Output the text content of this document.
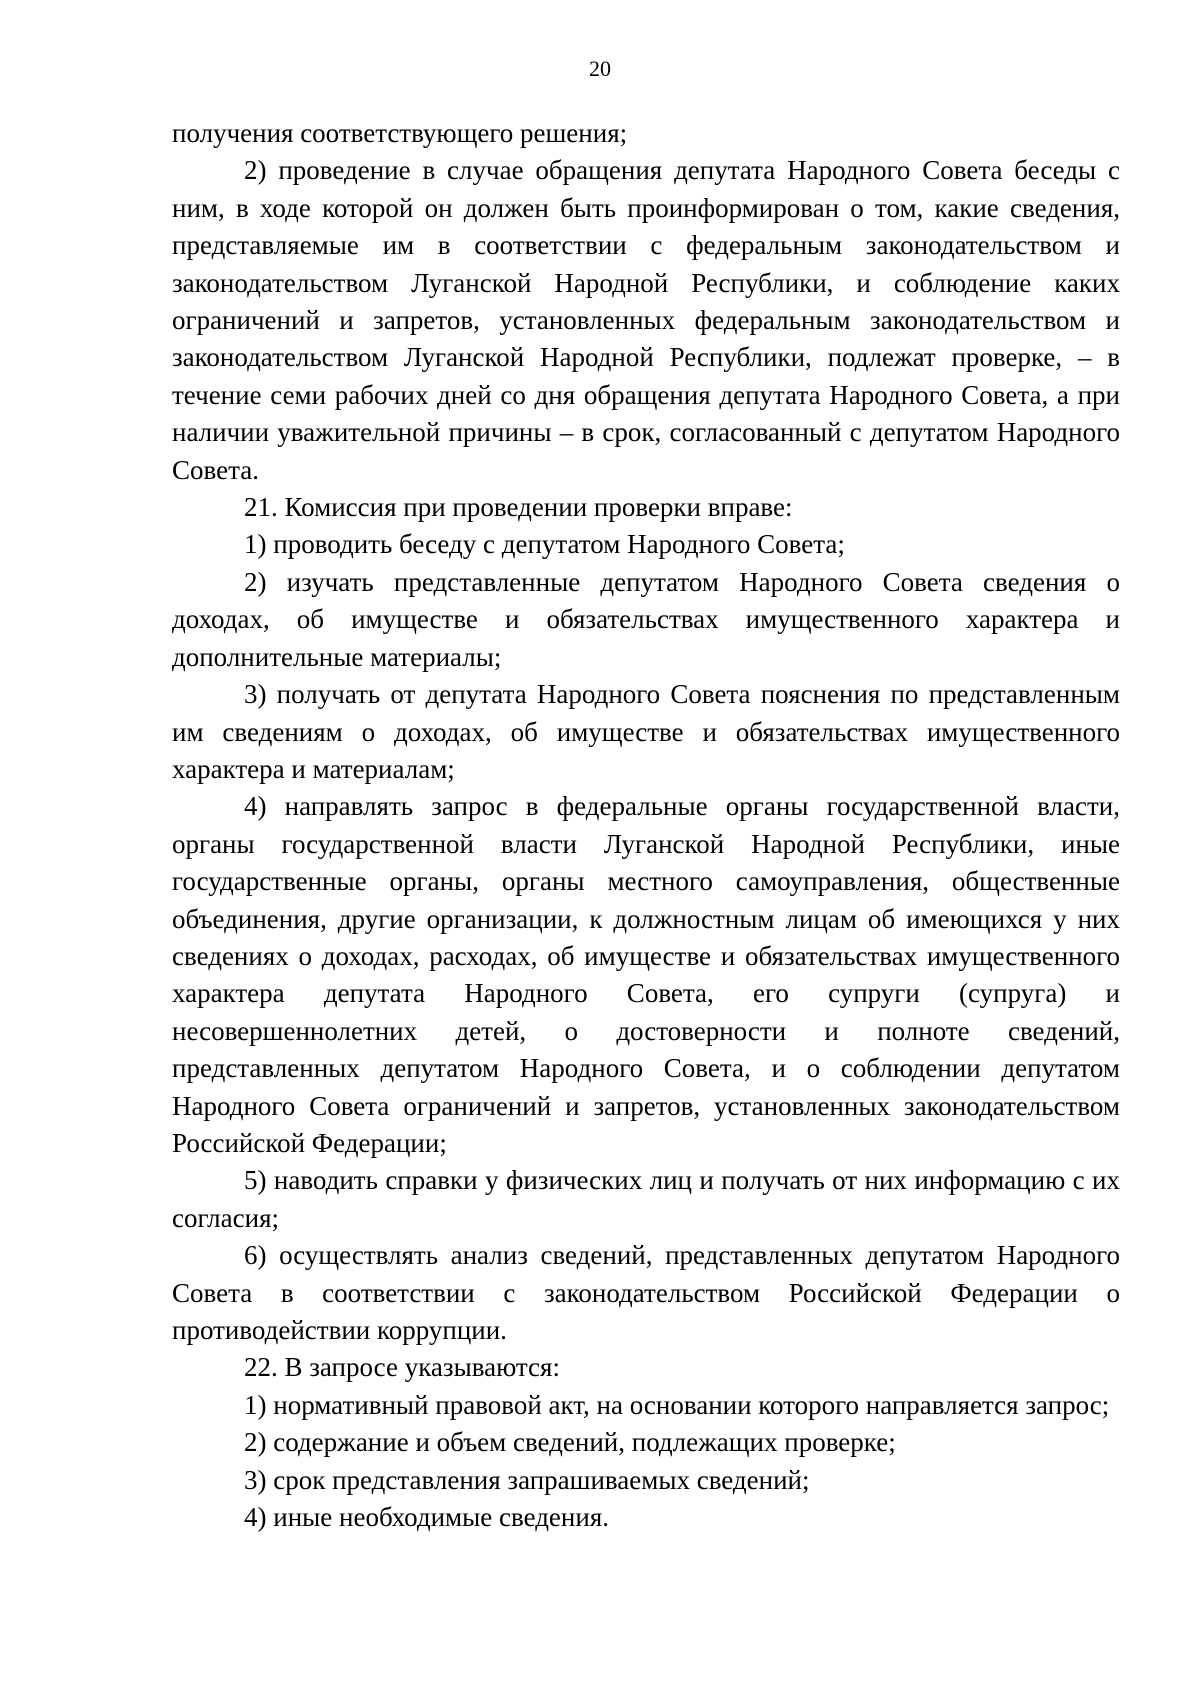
20

получения соответствующего решения;

2) проведение в случае обращения депутата Народного Совета беседы с ним, в ходе которой он должен быть проинформирован о том, какие сведения, представляемые им в соответствии с федеральным законодательством и законодательством Луганской Народной Республики, и соблюдение каких ограничений и запретов, установленных федеральным законодательством и законодательством Луганской Народной Республики, подлежат проверке, – в течение семи рабочих дней со дня обращения депутата Народного Совета, а при наличии уважительной причины – в срок, согласованный с депутатом Народного Совета.

21. Комиссия при проведении проверки вправе:

1) проводить беседу с депутатом Народного Совета;

2) изучать представленные депутатом Народного Совета сведения о доходах, об имуществе и обязательствах имущественного характера и дополнительные материалы;

3) получать от депутата Народного Совета пояснения по представленным им сведениям о доходах, об имуществе и обязательствах имущественного характера и материалам;

4) направлять запрос в федеральные органы государственной власти, органы государственной власти Луганской Народной Республики, иные государственные органы, органы местного самоуправления, общественные объединения, другие организации, к должностным лицам об имеющихся у них сведениях о доходах, расходах, об имуществе и обязательствах имущественного характера депутата Народного Совета, его супруги (супруга) и несовершеннолетних детей, о достоверности и полноте сведений, представленных депутатом Народного Совета, и о соблюдении депутатом Народного Совета ограничений и запретов, установленных законодательством Российской Федерации;

5) наводить справки у физических лиц и получать от них информацию с их согласия;

6) осуществлять анализ сведений, представленных депутатом Народного Совета в соответствии с законодательством Российской Федерации о противодействии коррупции.

22. В запросе указываются:

1) нормативный правовой акт, на основании которого направляется запрос;

2) содержание и объем сведений, подлежащих проверке;

3) срок представления запрашиваемых сведений;

4) иные необходимые сведения.
